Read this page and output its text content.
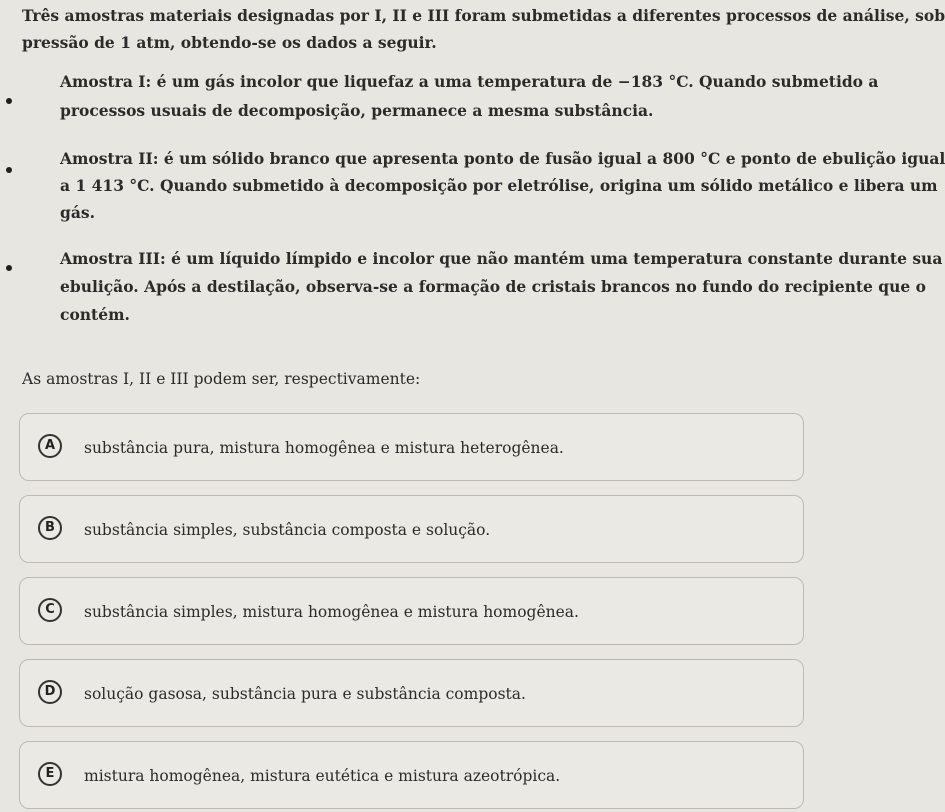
Três amostras materiais designadas por I, II e III foram submetidas a diferentes processos de análise, sob

pressão de 1 atm, obtendo-se os dados a seguir.

Amostra I: é um gás incolor que liquefaz a uma temperatura de −183 °C. Quando submetido a
processos usuais de decomposição, permanece a mesma substância.
Amostra II: é um sólido branco que apresenta ponto de fusão igual a 800 °C e ponto de ebulição igual
a 1 413 °C. Quando submetido à decomposição por eletrólise, origina um sólido metálico e libera um
gás.
Amostra III: é um líquido límpido e incolor que não mantém uma temperatura constante durante sua
ebulição. Após a destilação, observa-se a formação de cristais brancos no fundo do recipiente que o
contém.
As amostras I, II e III podem ser, respectivamente:
A	substância pura, mistura homogênea e mistura heterogênea.
B	substância simples, substância composta e solução.
C	substância simples, mistura homogênea e mistura homogênea.
D	solução gasosa, substância pura e substância composta.
E	mistura homogênea, mistura eutética e mistura azeotrópica.
